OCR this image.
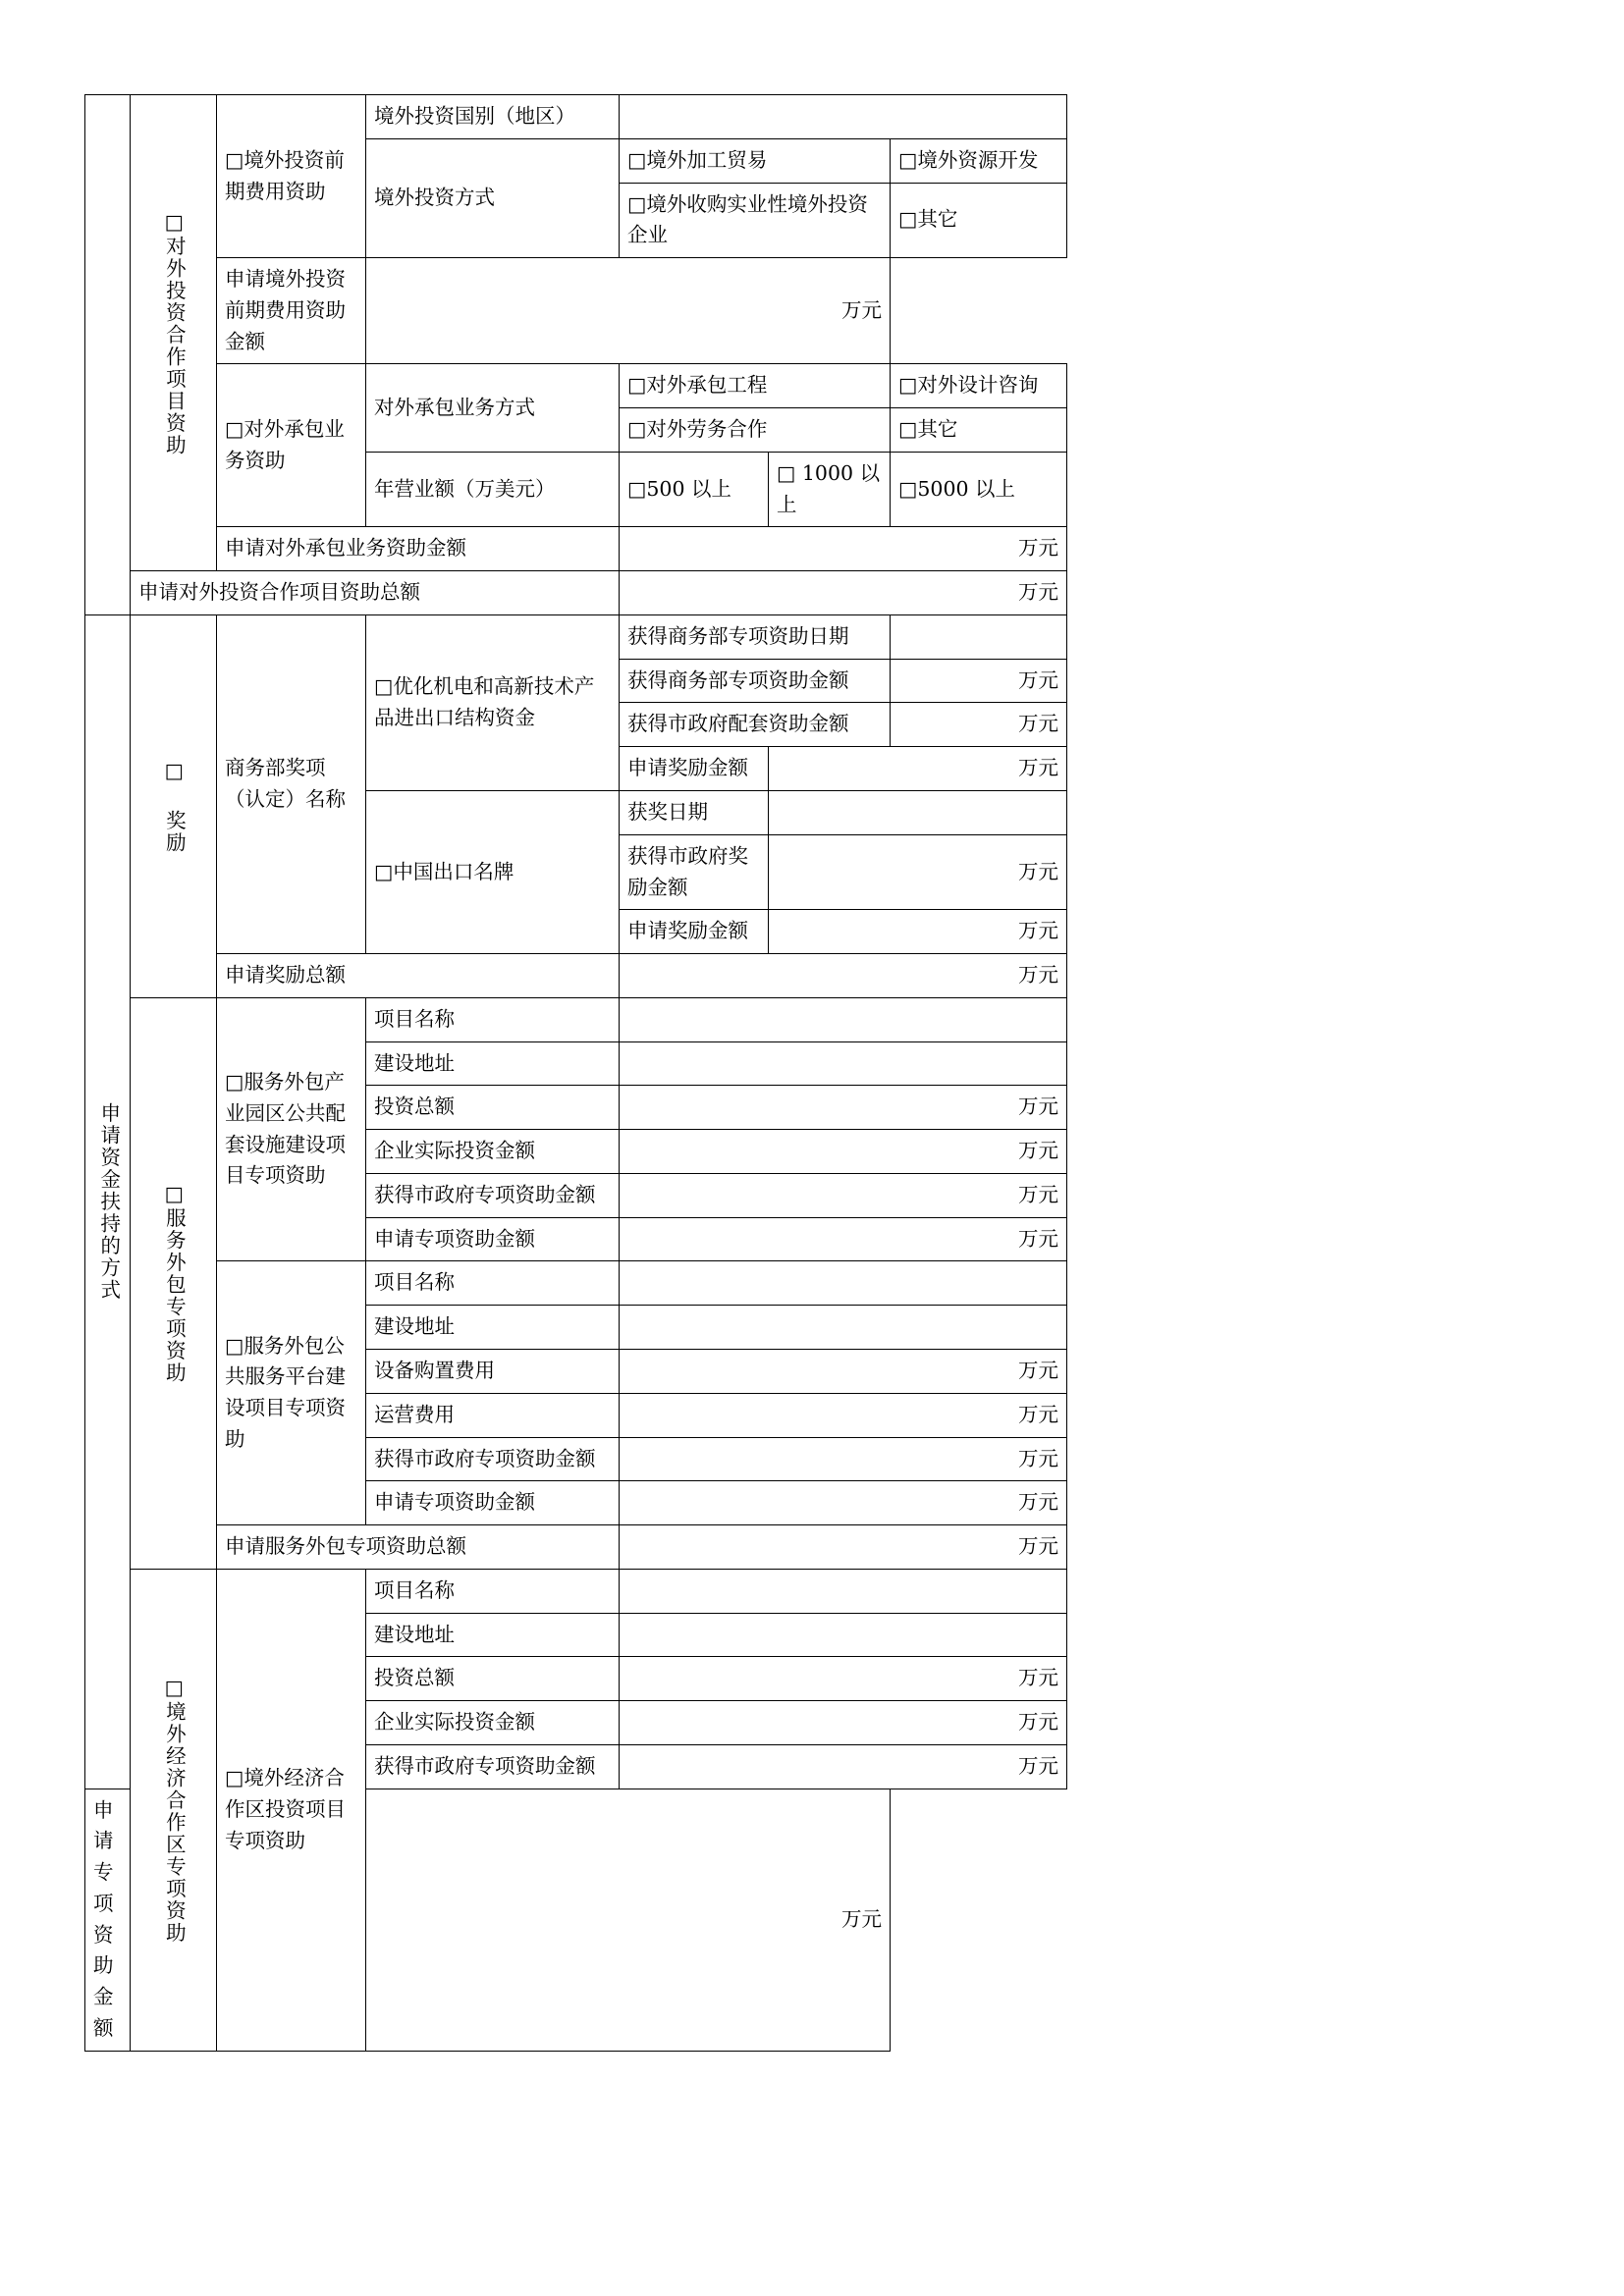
	□对外投资合作项目资助	□境外投资前期费用资助	境外投资国别（地区）			
			境外投资方式	□境外加工贸易		□境外资源开发
				□境外收购实业性境外投资企业		□其它
		申请境外投资前期费用资助金额	万元			
		□对外承包业务资助	对外承包业务方式	□对外承包工程		□对外设计咨询
				□对外劳务合作		□其它
			年营业额（万美元）	□500 以上	□ 1000 以上	□5000 以上
		申请对外承包业务资助金额		万元		
	申请对外投资合作项目资助总额			万元		

申请资金扶持的方式	□ 奖励	商务部奖项（认定）名称	□优化机电和高新技术产品进出口结构资金	获得商务部专项资助日期		
				获得商务部专项资助金额		万元
				获得市政府配套资助金额		万元
				申请奖励金额	万元	
			□中国出口名牌	获奖日期		
				获得市政府奖励金额	万元	
				申请奖励金额	万元	
		申请奖励总额		万元		

	□服务外包专项资助	□服务外包产业园区公共配套设施建设项目专项资助	项目名称			
			建设地址			
			投资总额	万元		
			企业实际投资金额	万元		
			获得市政府专项资助金额	万元		
			申请专项资助金额	万元		
		□服务外包公共服务平台建设项目专项资助	项目名称			
			建设地址			
			设备购置费用	万元		
			运营费用	万元		
			获得市政府专项资助金额	万元		
			申请专项资助金额	万元		
		申请服务外包专项资助总额		万元		

	□境外经济合作区专项资助	□境外经济合作区投资项目专项资助	项目名称			
			建设地址			
			投资总额	万元		
			企业实际投资金额	万元		
			获得市政府专项资助金额	万元		
申请专项资助金额			万元			
